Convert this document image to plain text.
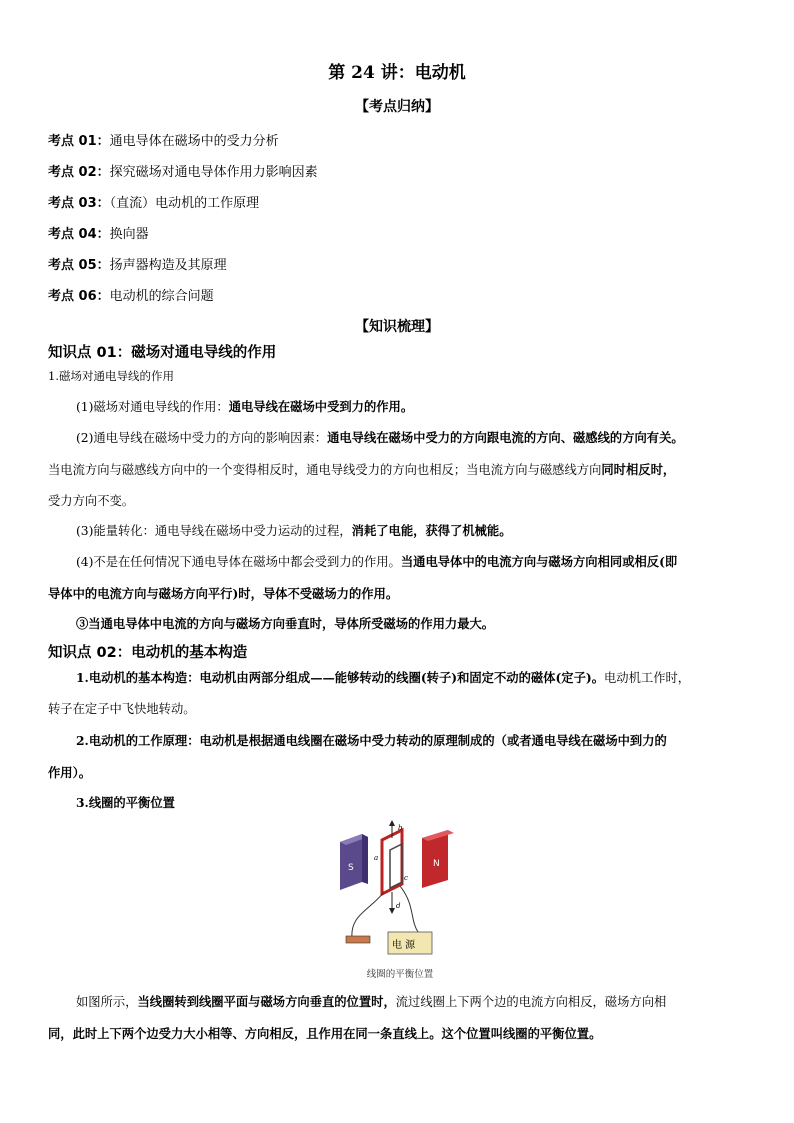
第 24 讲：电动机
【考点归纳】
考点 01：通电导体在磁场中的受力分析
考点 02：探究磁场对通电导体作用力影响因素
考点 03：（直流）电动机的工作原理
考点 04：换向器
考点 05：扬声器构造及其原理
考点 06：电动机的综合问题
【知识梳理】
知识点 01：磁场对通电导线的作用
1.磁场对通电导线的作用
(1)磁场对通电导线的作用：通电导线在磁场中受到力的作用。
(2)通电导线在磁场中受力的方向的影响因素：通电导线在磁场中受力的方向跟电流的方向、磁感线的方向有关。
当电流方向与磁感线方向中的一个变得相反时，通电导线受力的方向也相反；当电流方向与磁感线方向同时相反时，
受力方向不变。
(3)能量转化：通电导线在磁场中受力运动的过程，消耗了电能，获得了机械能。
(4)不是在任何情况下通电导体在磁场中都会受到力的作用。当通电导体中的电流方向与磁场方向相同或相反(即
导体中的电流方向与磁场方向平行)时，导体不受磁场力的作用。
③当通电导体中电流的方向与磁场方向垂直时，导体所受磁场的作用力最大。
知识点 02：电动机的基本构造
1.电动机的基本构造：电动机由两部分组成——能够转动的线圈(转子)和固定不动的磁体(定子)。电动机工作时，
转子在定子中飞快地转动。
2.电动机的工作原理：电动机是根据通电线圈在磁场中受力转动的原理制成的（或者通电导线在磁场中到力的
作用）。
3.线圈的平衡位置
S	N
b
a
c
d
电 源
线圈的平衡位置
如图所示，当线圈转到线圈平面与磁场方向垂直的位置时，流过线圈上下两个边的电流方向相反，磁场方向相
同，此时上下两个边受力大小相等、方向相反，且作用在同一条直线上。这个位置叫线圈的平衡位置。
